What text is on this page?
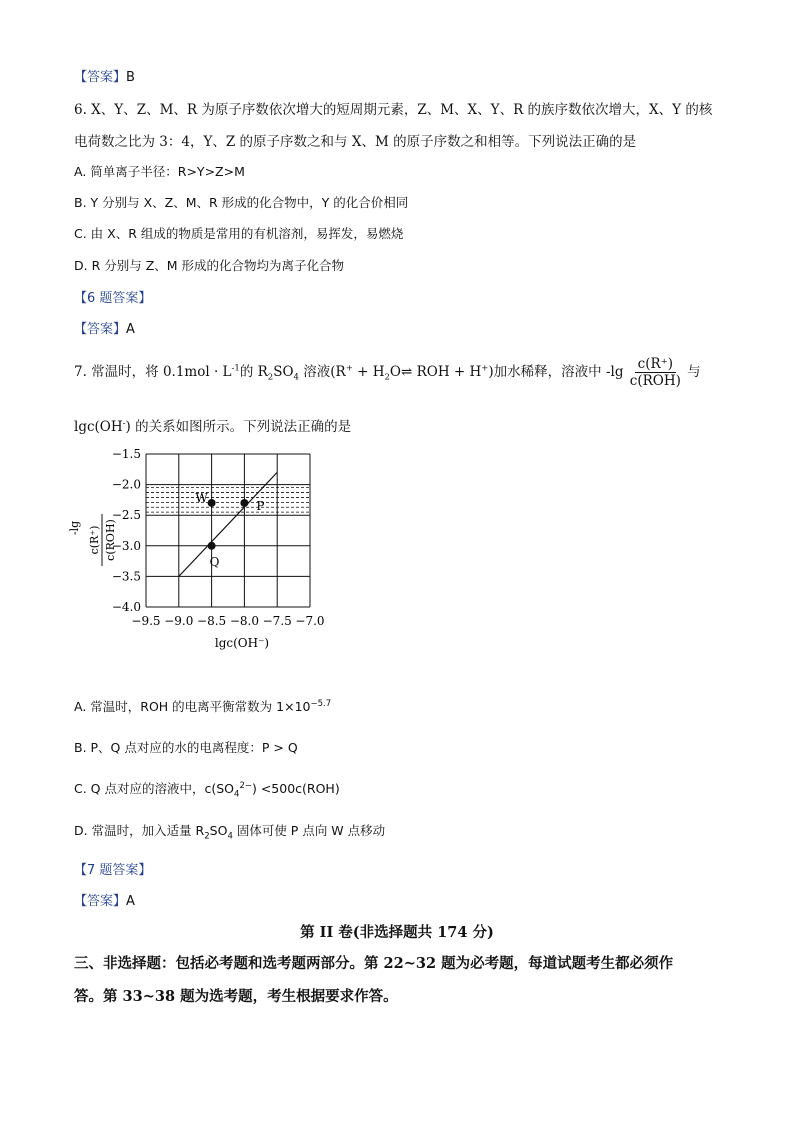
【答案】B
6. X、Y、Z、M、R 为原子序数依次增大的短周期元素，Z、M、X、Y、R 的族序数依次增大，X、Y 的核
电荷数之比为 3：4，Y、Z 的原子序数之和与 X、M 的原子序数之和相等。下列说法正确的是
A. 简单离子半径：R>Y>Z>M
B. Y 分别与 X、Z、M、R 形成的化合物中，Y 的化合价相同
C. 由 X、R 组成的物质是常用的有机溶剂，易挥发，易燃烧
D. R 分别与 Z、M 形成的化合物均为离子化合物
【6 题答案】
【答案】A
7. 常温时，将 $0.1mol \cdot L^{-1}$的 $R_2SO_4$ 溶液($R^+ + H_2O\rightleftharpoons$ ROH + H+)加水稀释，溶液中 $-\lg \frac{c(R^+)}{\text{c(ROH)}}$ 与
lgc(OH-) 的关系如图所示。下列说法正确的是
W
P
Q
−9.5 −9.0 −8.5 −8.0 −7.5 −7.0
−1.5
−2.0
−2.5
−3.0
−3.5
−4.0
lgc(OH⁻)
-lg c(R⁺) c(ROH)
A. 常温时，ROH 的电离平衡常数为 $1\times 10^{-5.7}$
B. P、Q 点对应的水的电离程度：P > Q
C. Q 点对应的溶液中，$c(SO_4^{2-}) <500c(ROH)$
D. 常温时，加入适量 $R_2SO_4$ 固体可使 P 点向 W 点移动
【7 题答案】
【答案】A
第 II 卷(非选择题共 174 分)
三、非选择题：包括必考题和选考题两部分。第 22~32 题为必考题，每道试题考生都必须作
答。第 33~38 题为选考题，考生根据要求作答。
